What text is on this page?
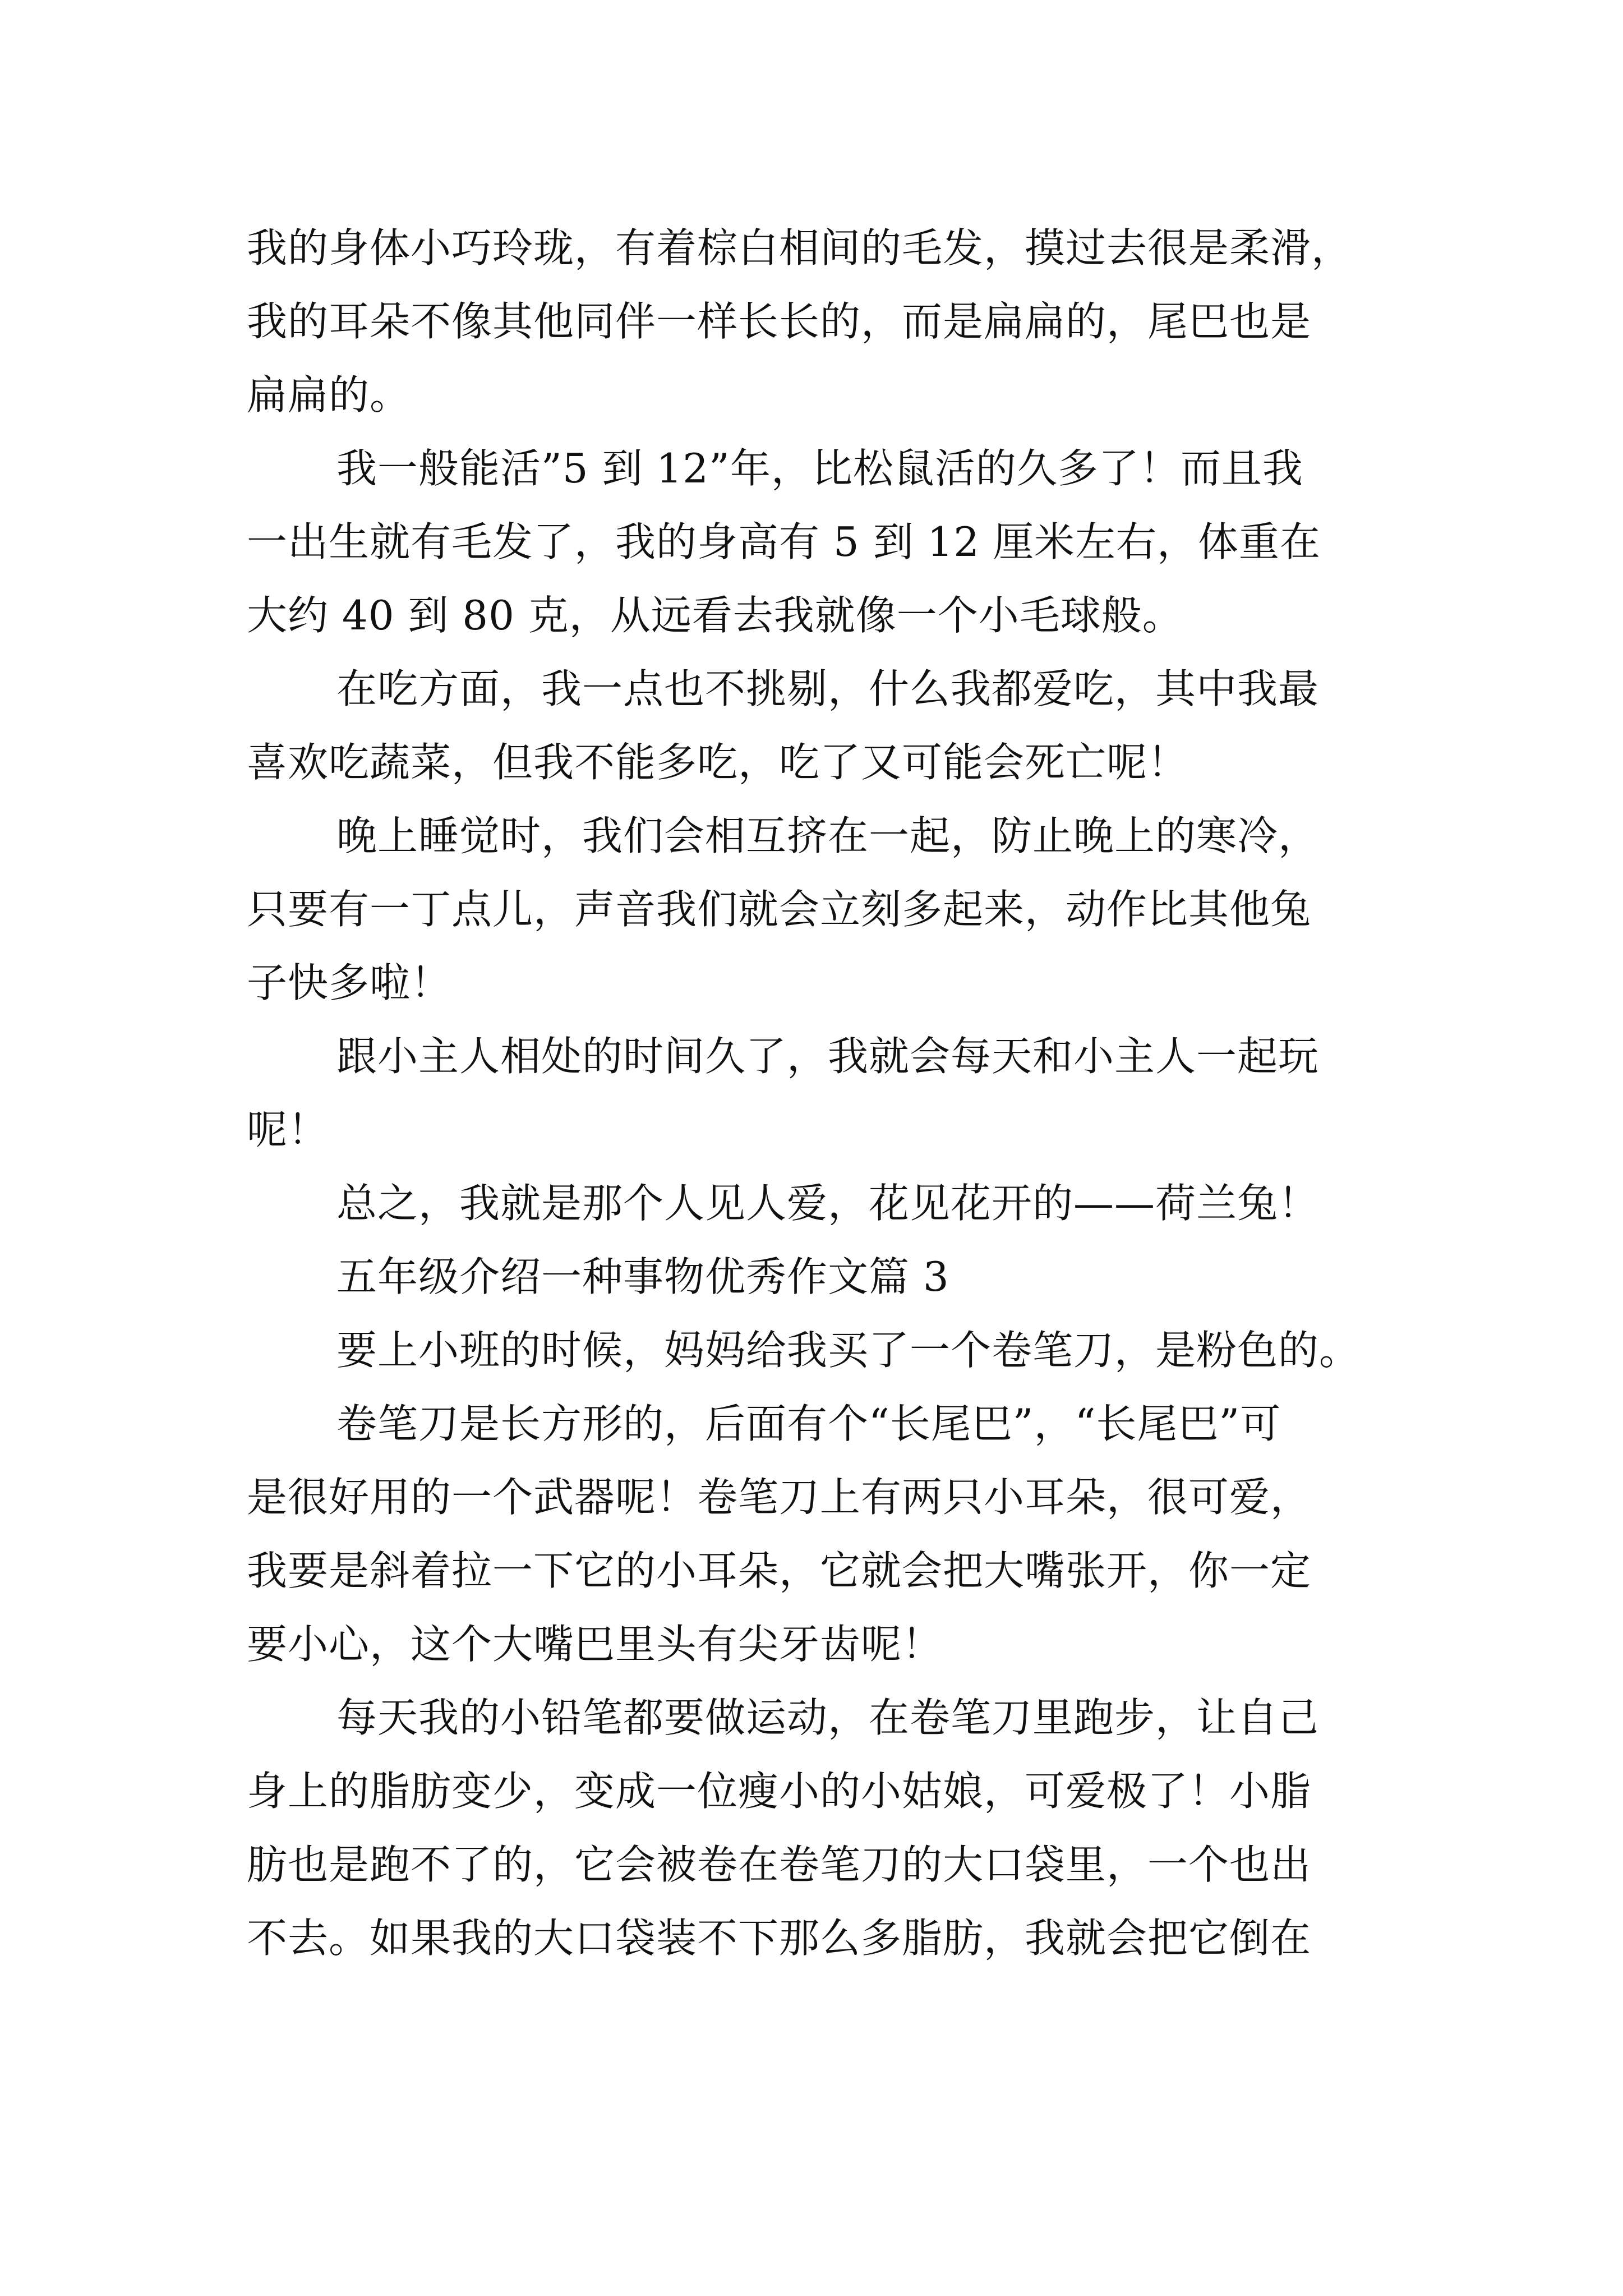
我的身体小巧玲珑，有着棕白相间的毛发，摸过去很是柔滑，
我的耳朵不像其他同伴一样长长的，而是扁扁的，尾巴也是
扁扁的。
我一般能活”5 到 12”年，比松鼠活的久多了！而且我
一出生就有毛发了，我的身高有 5 到 12 厘米左右，体重在
大约 40 到 80 克，从远看去我就像一个小毛球般。
在吃方面，我一点也不挑剔，什么我都爱吃，其中我最
喜欢吃蔬菜，但我不能多吃，吃了又可能会死亡呢！
晚上睡觉时，我们会相互挤在一起，防止晚上的寒冷，
只要有一丁点儿，声音我们就会立刻多起来，动作比其他兔
子快多啦！
跟小主人相处的时间久了，我就会每天和小主人一起玩
呢！
总之，我就是那个人见人爱，花见花开的——荷兰兔！
五年级介绍一种事物优秀作文篇 3
要上小班的时候，妈妈给我买了一个卷笔刀，是粉色的。
卷笔刀是长方形的，后面有个“长尾巴”，“长尾巴”可
是很好用的一个武器呢！卷笔刀上有两只小耳朵，很可爱，
我要是斜着拉一下它的小耳朵，它就会把大嘴张开，你一定
要小心，这个大嘴巴里头有尖牙齿呢！
每天我的小铅笔都要做运动，在卷笔刀里跑步，让自己
身上的脂肪变少，变成一位瘦小的小姑娘，可爱极了！小脂
肪也是跑不了的，它会被卷在卷笔刀的大口袋里，一个也出
不去。如果我的大口袋装不下那么多脂肪，我就会把它倒在
